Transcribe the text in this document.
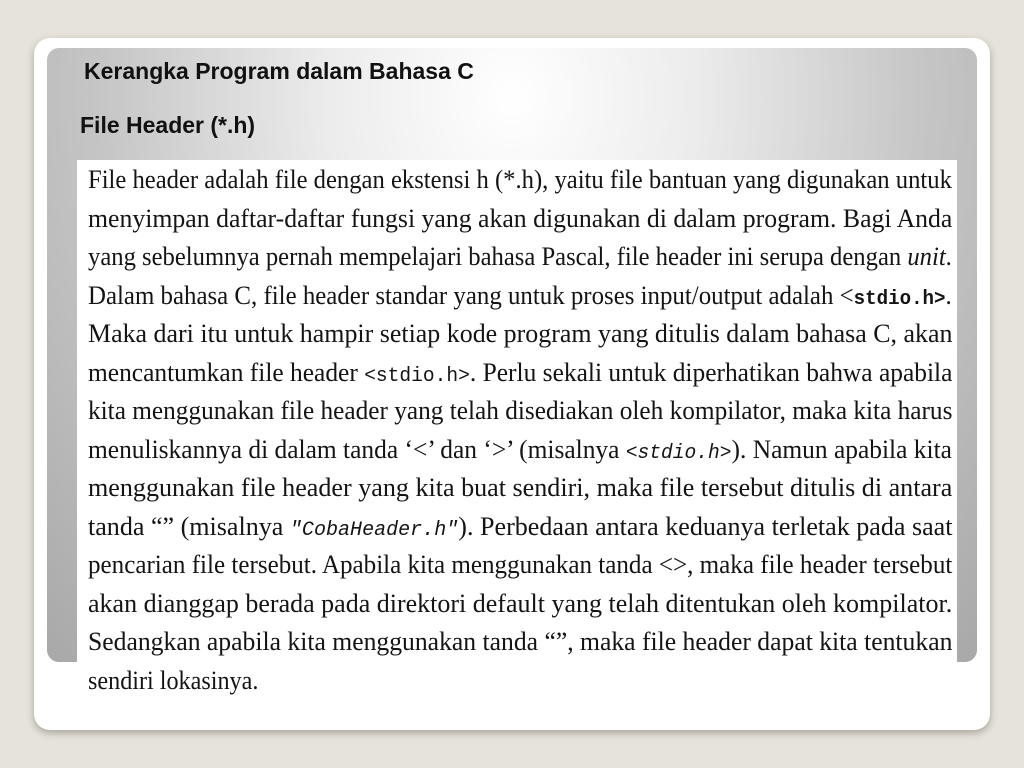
Kerangka Program dalam Bahasa C
File Header (*.h)
File header adalah file dengan ekstensi h (*.h), yaitu file bantuan yang digunakan untuk
menyimpan daftar-daftar fungsi yang akan digunakan di dalam program. Bagi Anda
yang sebelumnya pernah mempelajari bahasa Pascal, file header ini serupa dengan unit.
Dalam bahasa C, file header standar yang untuk proses input/output adalah <stdio.h>.
Maka dari itu untuk hampir setiap kode program yang ditulis dalam bahasa C, akan
mencantumkan file header <stdio.h>. Perlu sekali untuk diperhatikan bahwa apabila
kita menggunakan file header yang telah disediakan oleh kompilator, maka kita harus
menuliskannya di dalam tanda ‘<’ dan ‘>’ (misalnya <stdio.h>). Namun apabila kita
menggunakan file header yang kita buat sendiri, maka file tersebut ditulis di antara
tanda “” (misalnya "CobaHeader.h"). Perbedaan antara keduanya terletak pada saat
pencarian file tersebut. Apabila kita menggunakan tanda <>, maka file header tersebut
akan dianggap berada pada direktori default yang telah ditentukan oleh kompilator.
Sedangkan apabila kita menggunakan tanda “”, maka file header dapat kita tentukan
sendiri lokasinya.
